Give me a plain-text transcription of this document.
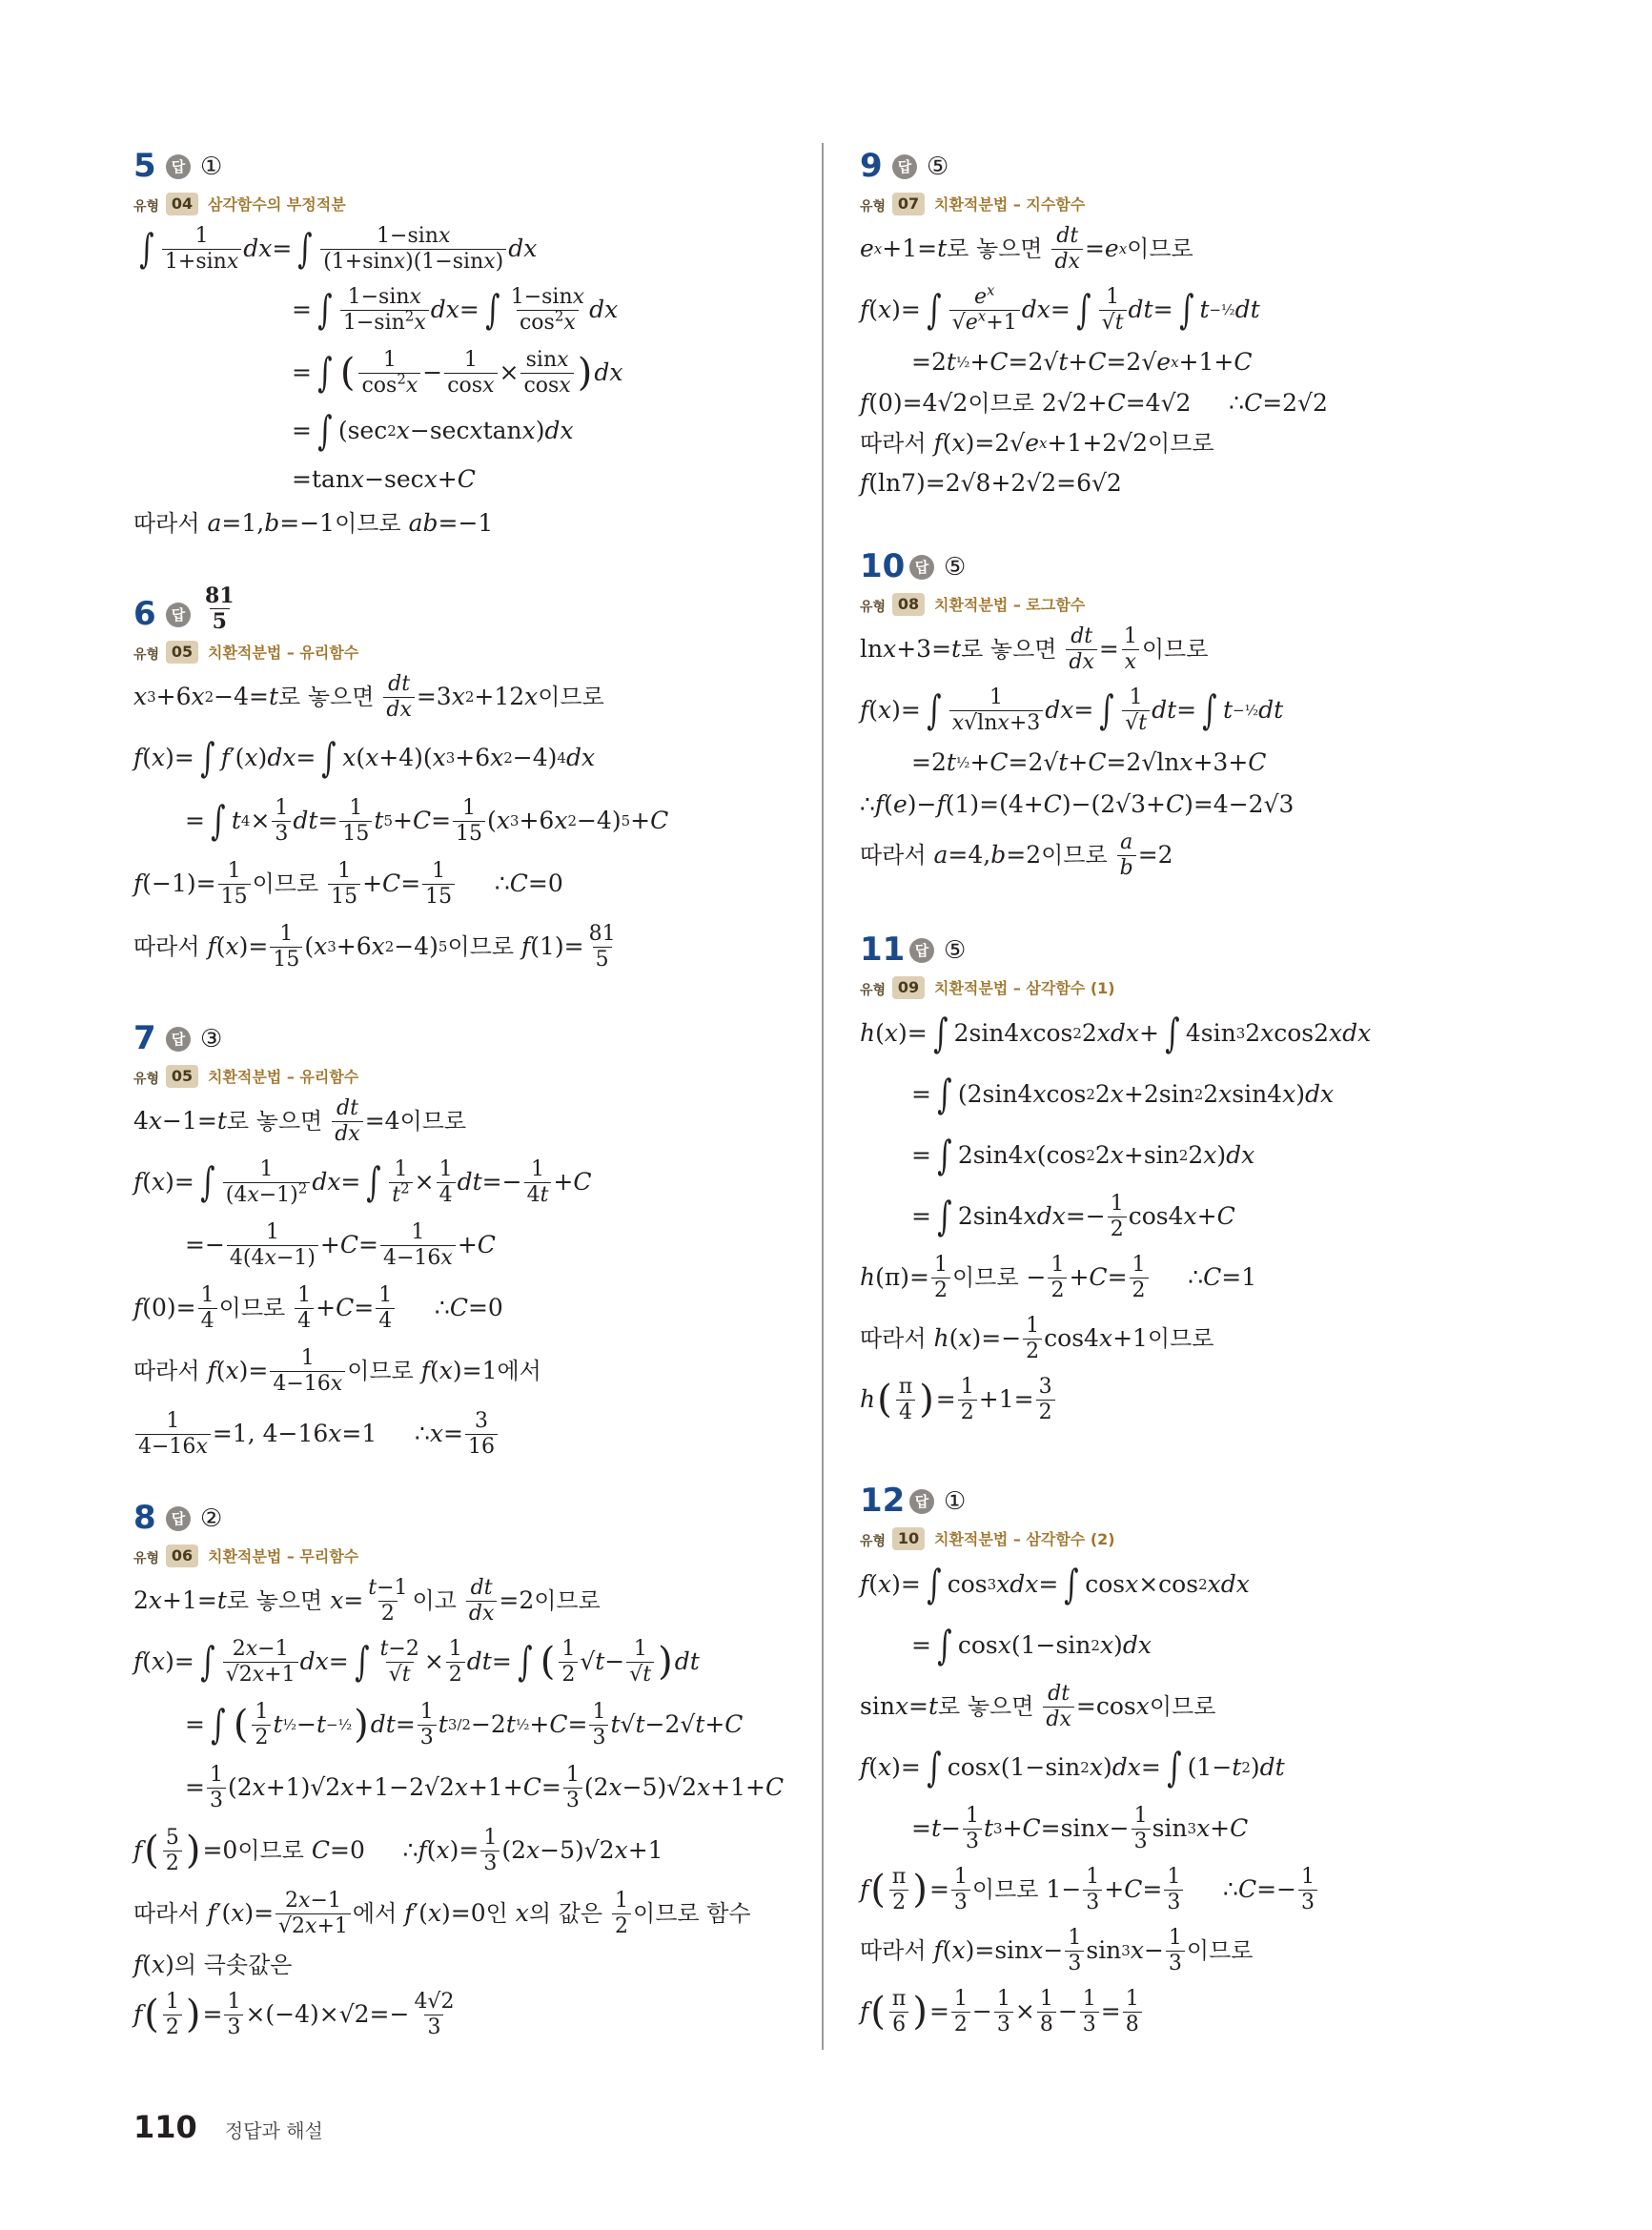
5	답 ①
유형 04 삼각함수의 부정적분
∫ 1
1+sinx dx = ∫	1−sinx
(1+sinx)(1−sinx) dx
= ∫ 1−sinx
$1-\sin^2x$ dx = ∫ 1−sinx
$\cos^2x$ dx
= ∫ ( 1
$\cos^2x - 1$
cosx × sinx
cosx ) dx
= ∫ (sec 2 x −sec x tan x ) dx
=tan x −sec x + C
따라서
a =1, b =−1 이므로
ab =−1
6	답 $\frac{81}{5}$
유형 05 치환적분법 – 유리함수
x 3 +6 x 2 −4= t 로 놓으면
dt
dx =3 x 2 +12 x 이므로
f ( x )= ∫ f ′( x ) dx = ∫ x ( x +4)( x 3 +6 x 2 −4) 4 dx
= ∫ t 4 × 1
3 dt = 1
15 t 5 + C = 1
15 ( x 3 +6 x 2 −4) 5 + C
f (−1)= 1
15 이므로
1
15 + C = 1
15 ∴ C =0
따라서
f ( x )= 1
15 ( x 3 +6 x 2 −4) 5 이므로
f (1)= 81
5
7	답 ③
유형 05 치환적분법 – 유리함수
4 x −1= t 로 놓으면
dt
dx =4 이므로
f ( x )= ∫ 1
$(4x-1)^2$ dx = ∫ 1
$t^2 \times 1$
4 dt =− 1
4t + C
=− 1
4(4x−1) + C = 1
4−16x + C
f (0)= 1
4 이므로
1
4 + C = 1
4 ∴ C =0
따라서
f ( x )= 1
4−16x 이므로
f ( x )=1 에서
1
4−16x =1, 4−16 x =1     ∴ x = 3
16
8	답 ②
유형 06 치환적분법 – 무리함수
2 x +1= t 로 놓으면
x = t−1
2 이고
dt
dx =2 이므로
f ( x )= ∫ 2x−1
√2x+1 dx = ∫ t−2
√t × 1
2 dt = ∫ ( 1
2 √ t − 1
√t ) dt
= ∫ ( 1
2 t ½ − t −½ ) dt = 1
3 t 3/2 −2 t ½ + C = 1
3 t √ t −2√ t + C
= 1
3 (2 x +1)√2 x +1−2√2 x +1+ C = 1
3 (2 x −5)√2 x +1+ C
f ( 5
2 ) =0 이므로
C =0     ∴ f ( x )= 1
3 (2 x −5)√2 x +1
따라서
f ′( x )= 2x−1
√2x+1 에서
f ′( x )=0 인
x 의 값은
1
2 이므로 함수
f ( x ) 의 극솟값은
f ( 1
2 ) = 1
3 ×(−4)×√2=− 4√2
3
9	답 ⑤
유형 07 치환적분법 – 지수함수
e x +1= t 로 놓으면
dt
dx = e x 이므로
f ( x )= ∫ $e^x$
$√e^x+1$ dx = ∫ 1
√t dt = ∫ t −½ dt
=2 t ½ + C =2√ t + C =2√ e x +1+ C
f (0)=4√2 이므로 2√2+ C =4√2     ∴ C =2√2
따라서
f ( x )=2√ e x +1+2√2 이므로
f (ln7)=2√8+2√2=6√2
10 답 ⑤
유형 08 치환적분법 – 로그함수
ln x +3= t 로 놓으면
dt
dx = 1
x 이므로
f ( x )= ∫ 1
x√lnx+3 dx = ∫ 1
√t dt = ∫ t −½ dt
=2 t ½ + C =2√ t + C =2√ln x +3+ C
∴ f ( e )− f (1)=(4+ C )−(2√3+ C )=4−2√3
따라서
a =4, b =2 이므로
a
b =2
11 답 ⑤
유형 09 치환적분법 – 삼각함수 (1)
h ( x )= ∫ 2sin4 x cos 2 2 x dx + ∫ 4sin 3 2 x cos2 x dx
= ∫ (2sin4 x cos 2 2 x +2sin 2 2 x sin4 x ) dx
= ∫ 2sin4 x (cos 2 2 x +sin 2 2 x ) dx
= ∫ 2sin4 x dx =− 1
2 cos4 x + C
h (π)= 1
2 이므로 − 1
2 + C = 1
2 ∴ C =1
따라서
h ( x )=− 1
2 cos4 x +1 이므로
h ( π
4 ) = 1
2 +1= 3
2
12 답 ①
유형 10 치환적분법 – 삼각함수 (2)
f ( x )= ∫ cos 3 x dx = ∫ cos x ×cos 2 x dx
= ∫ cos x (1−sin 2 x ) dx
sin x = t 로 놓으면
dt
dx =cos x 이므로
f ( x )= ∫ cos x (1−sin 2 x ) dx = ∫ (1− t 2 ) dt
= t − 1
3 t 3 + C =sin x − 1
3 sin 3 x + C
f ( π
2 ) = 1
3 이므로 1− 1
3 + C = 1
3 ∴ C =− 1
3
따라서
f ( x )=sin x − 1
3 sin 3 x − 1
3 이므로
f ( π
6 ) = 1
2 − 1
3 × 1
8 − 1
3 = 1
8
110 정답과 해설
